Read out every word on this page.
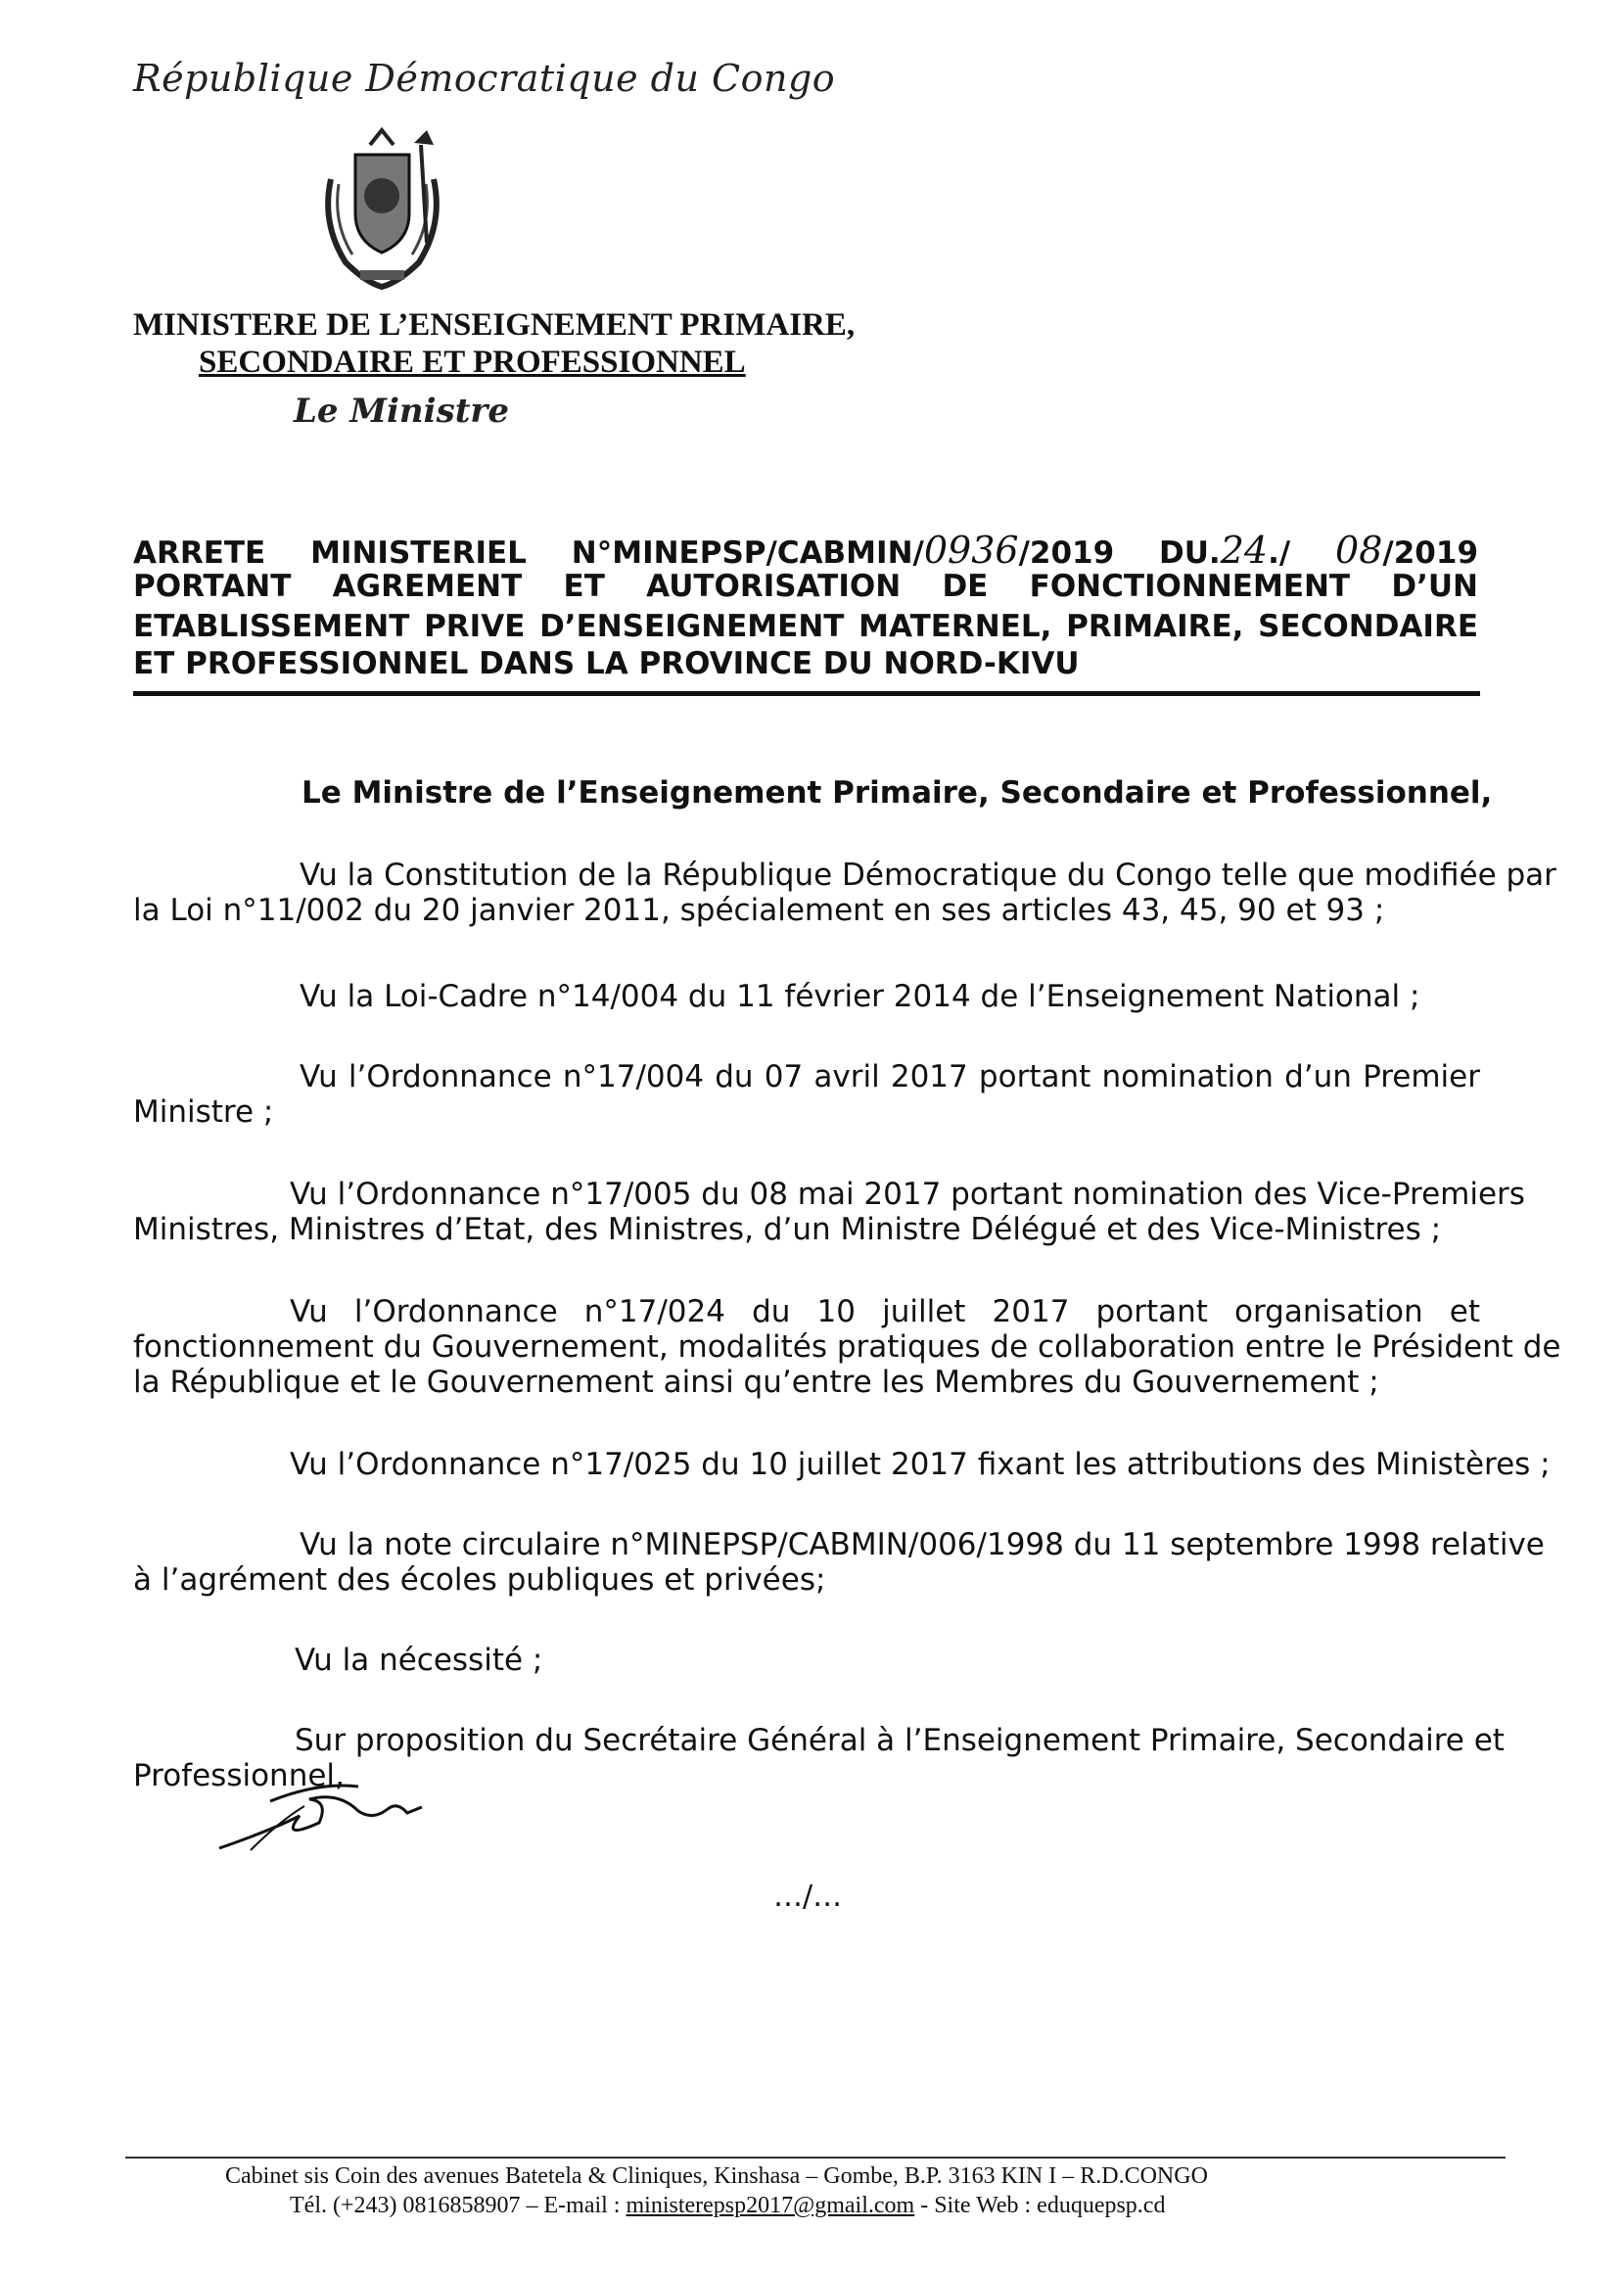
République Démocratique du Congo
MINISTERE DE L’ENSEIGNEMENT PRIMAIRE,
SECONDAIRE ET PROFESSIONNEL
Le Ministre
ARRETE MINISTERIEL N°MINEPSP/CABMIN/0936/2019 DU.24./ 08/2019
PORTANT AGREMENT ET AUTORISATION DE FONCTIONNEMENT D’UN
ETABLISSEMENT PRIVE D’ENSEIGNEMENT MATERNEL, PRIMAIRE, SECONDAIRE
ET PROFESSIONNEL DANS LA PROVINCE DU NORD-KIVU
Le Ministre de l’Enseignement Primaire, Secondaire et Professionnel,
Vu la Constitution de la République Démocratique du Congo telle que modifiée par
la Loi n°11/002 du 20 janvier 2011, spécialement en ses articles 43, 45, 90 et 93 ;
Vu la Loi-Cadre n°14/004 du 11 février 2014 de l’Enseignement National ;
Vu l’Ordonnance n°17/004 du 07 avril 2017 portant nomination d’un Premier
Ministre ;
Vu l’Ordonnance n°17/005 du 08 mai 2017 portant nomination des Vice-Premiers
Ministres, Ministres d’Etat, des Ministres, d’un Ministre Délégué et des Vice-Ministres ;
Vu l’Ordonnance n°17/024 du 10 juillet 2017 portant organisation et
fonctionnement du Gouvernement, modalités pratiques de collaboration entre le Président de
la République et le Gouvernement ainsi qu’entre les Membres du Gouvernement ;
Vu l’Ordonnance n°17/025 du 10 juillet 2017 fixant les attributions des Ministères ;
Vu la note circulaire n°MINEPSP/CABMIN/006/1998 du 11 septembre 1998 relative
à l’agrément des écoles publiques et privées;
Vu la nécessité ;
Sur proposition du Secrétaire Général à l’Enseignement Primaire, Secondaire et
Professionnel,
…/…
Cabinet sis Coin des avenues Batetela & Cliniques, Kinshasa – Gombe, B.P. 3163 KIN I – R.D.CONGO
Tél. (+243) 0816858907 – E-mail : ministerepsp2017@gmail.com - Site Web : eduquepsp.cd
